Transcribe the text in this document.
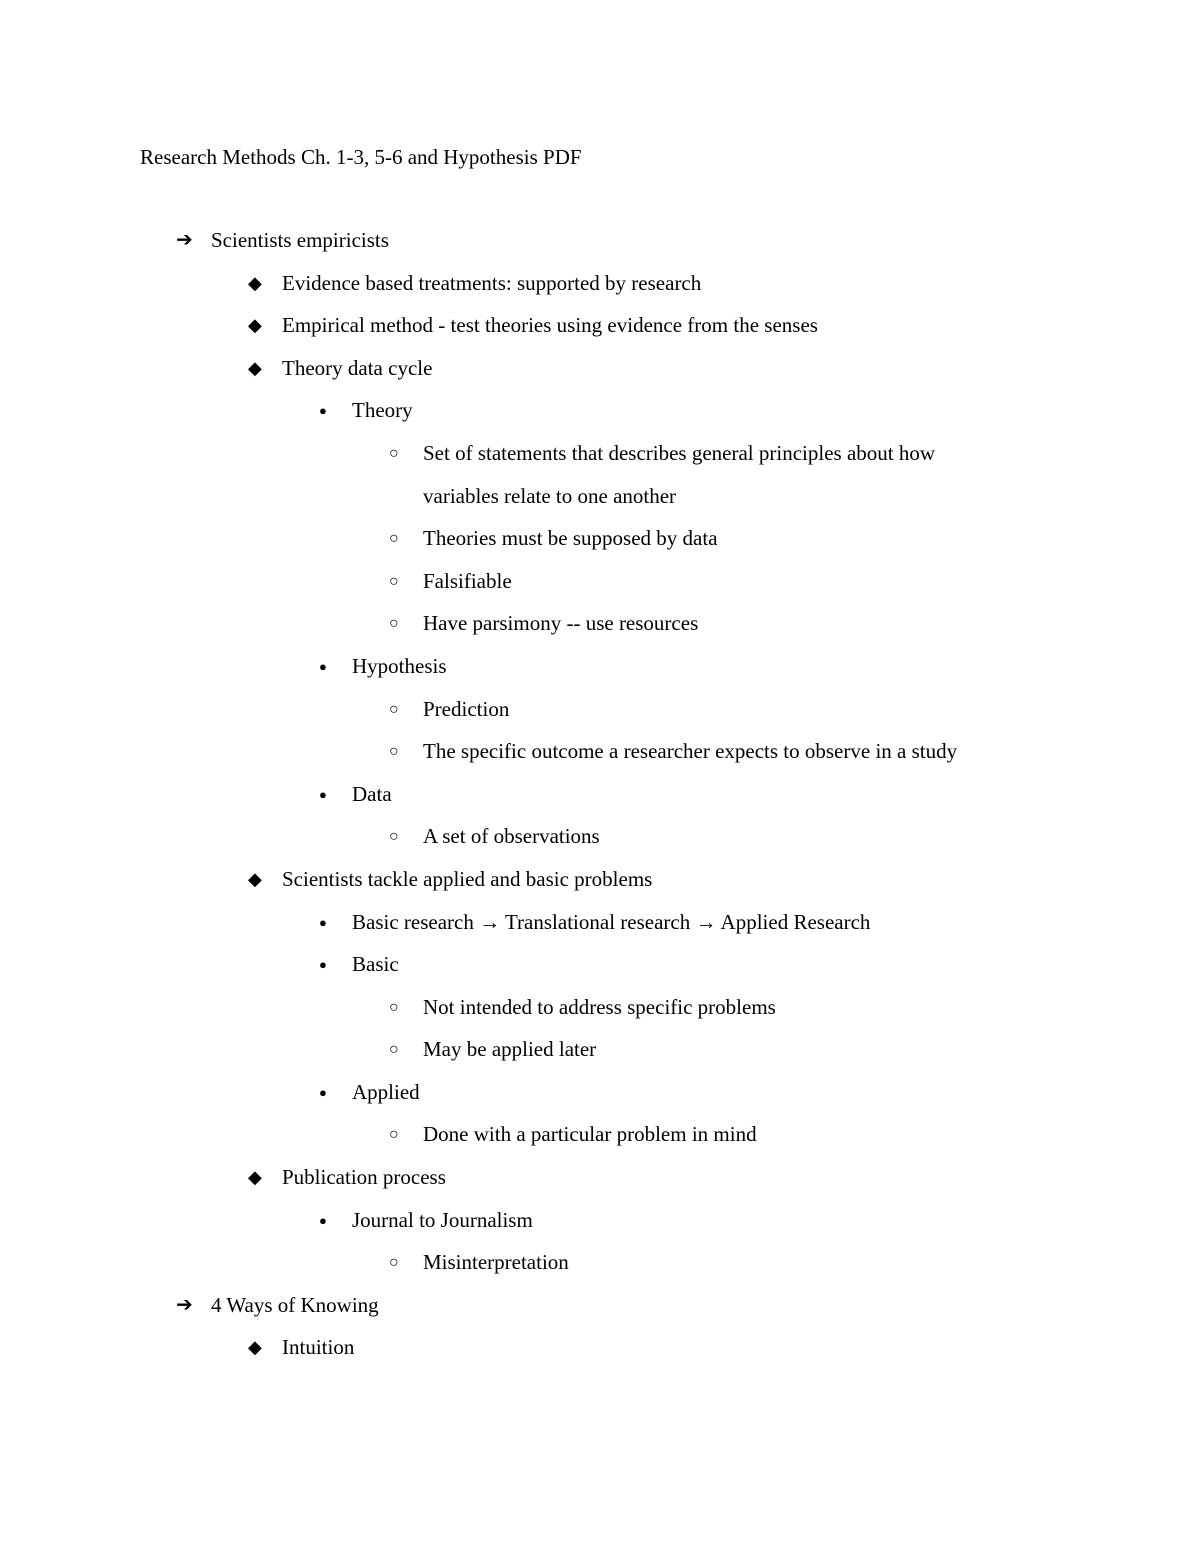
Research Methods Ch. 1-3, 5-6 and Hypothesis PDF
➔ Scientists empiricists
◆ Evidence based treatments: supported by research
◆ Empirical method - test theories using evidence from the senses
◆ Theory data cycle
●	Theory
○	Set of statements that describes general principles about how
variables relate to one another
○	Theories must be supposed by data
○	Falsifiable
○	Have parsimony -- use resources
●	Hypothesis
○	Prediction
○	The specific outcome a researcher expects to observe in a study
●	Data
○	A set of observations
◆ Scientists tackle applied and basic problems
●	Basic research → Translational research → Applied Research
●	Basic
○	Not intended to address specific problems
○	May be applied later
●	Applied
○	Done with a particular problem in mind
◆ Publication process
●	Journal to Journalism
○	Misinterpretation
➔ 4 Ways of Knowing
◆ Intuition
